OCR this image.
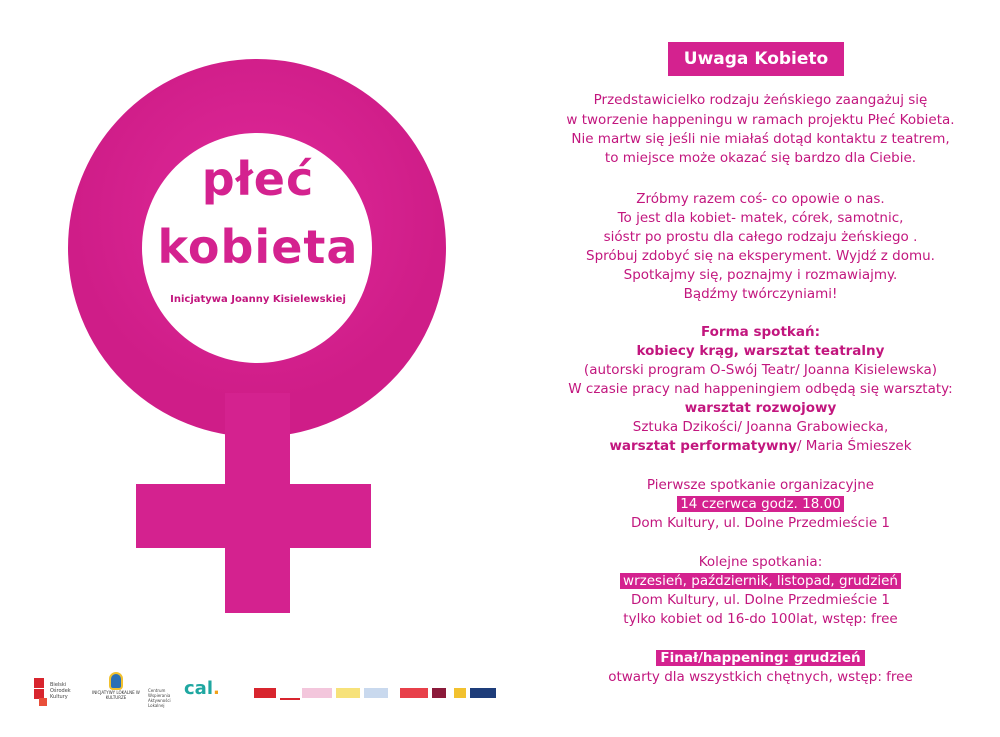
płeć
kobieta
Inicjatywa Joanny Kisielewskiej
Bielski Ośrodek Kultury
INICJATYWY LOKALNE W KULTURZE
Centrum Wspierania Aktywności Lokalnej
cal.
Uwaga Kobieto
Przedstawicielko rodzaju żeńskiego zaangażuj się
w tworzenie happeningu w ramach projektu Płeć Kobieta.
Nie martw się jeśli nie miałaś dotąd kontaktu z teatrem,
to miejsce może okazać się bardzo dla Ciebie.
Zróbmy razem coś- co opowie o nas.
To jest dla kobiet- matek, córek, samotnic,
sióstr po prostu dla całego rodzaju żeńskiego .
Spróbuj zdobyć się na eksperyment. Wyjdź z domu.
Spotkajmy się, poznajmy i rozmawiajmy.
Bądźmy twórczyniami!
Forma spotkań:
kobiecy krąg, warsztat teatralny
(autorski program O-Swój Teatr/ Joanna Kisielewska)
W czasie pracy nad happeningiem odbędą się warsztaty:
warsztat rozwojowy
Sztuka Dzikości/ Joanna Grabowiecka,
warsztat performatywny/ Maria Śmieszek
Pierwsze spotkanie organizacyjne
14 czerwca godz. 18.00
Dom Kultury, ul. Dolne Przedmieście 1
Kolejne spotkania:
wrzesień, październik, listopad, grudzień
Dom Kultury, ul. Dolne Przedmieście 1
tylko kobiet od 16-do 100lat, wstęp: free
Finał/happening: grudzień
otwarty dla wszystkich chętnych, wstęp: free
